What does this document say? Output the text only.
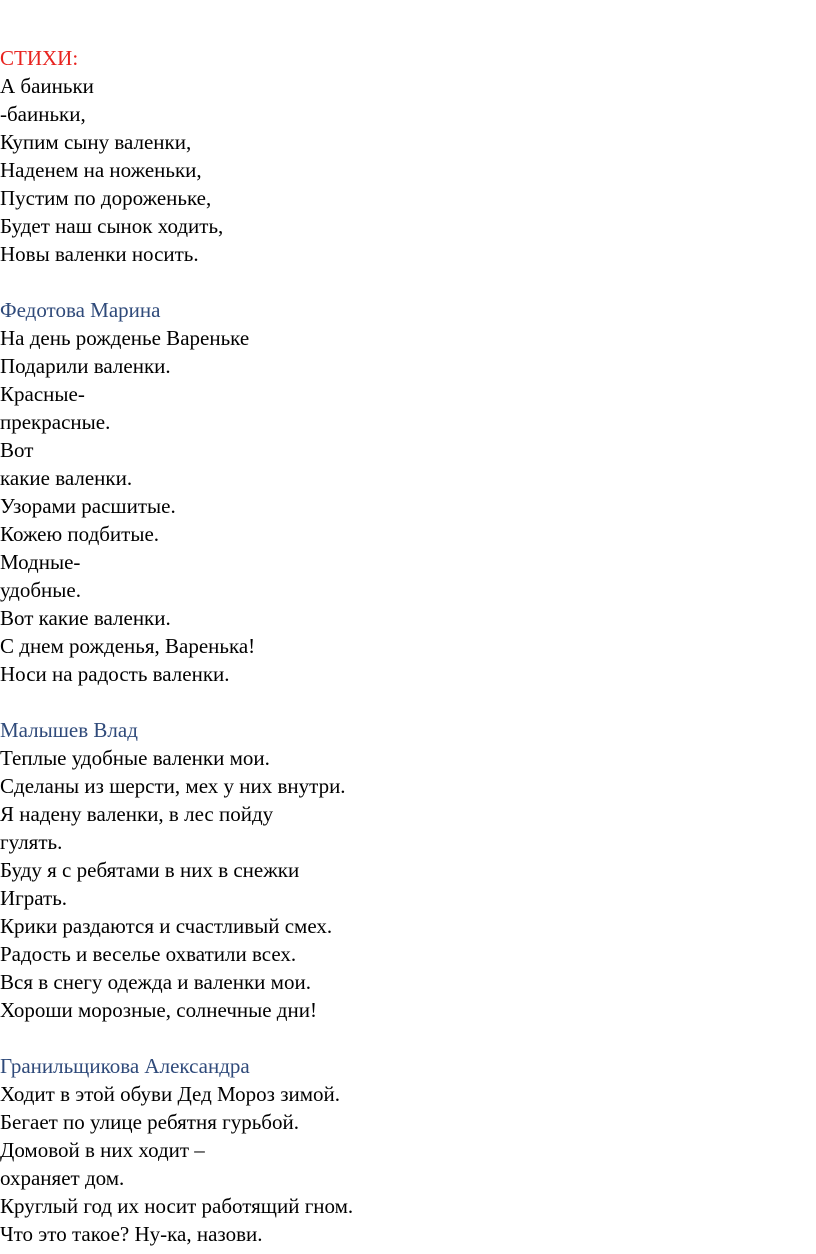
СТИХИ:

А баиньки

-баиньки,

Купим сыну валенки,

Наденем на ноженьки,

Пустим по дороженьке,

Будет наш сынок ходить,

Новы валенки носить.

Федотова Марина

На день рожденье Вареньке

Подарили валенки.

Красные-

прекрасные.

Вот

какие валенки.

Узорами расшитые.

Кожею подбитые.

Модные-

удобные.

Вот какие валенки.

С днем рожденья, Варенька!

Носи на радость валенки.

Малышев Влад

Теплые удобные валенки мои.

Сделаны из шерсти, мех у них внутри.

Я надену валенки, в лес пойду

гулять.

Буду я с ребятами в них в снежки

Играть.

Крики раздаются и счастливый смех.

Радость и веселье охватили всех.

Вся в снегу одежда и валенки мои.

Хороши морозные, солнечные дни!

Гранильщикова Александра

Ходит в этой обуви Дед Мороз зимой.

Бегает по улице ребятня гурьбой.

Домовой в них ходит –

охраняет дом.

Круглый год их носит работящий гном.

Что это такое? Ну-ка, назови.
